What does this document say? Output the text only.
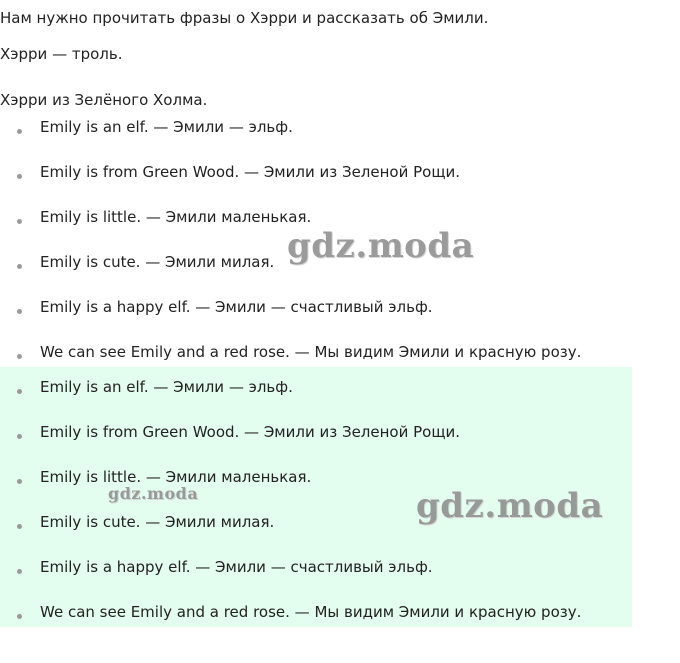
Нам нужно прочитать фразы о Хэрри и рассказать об Эмили.

Хэрри — троль.

Хэрри из Зелёного Холма.

Emily is an elf. — Эмили — эльф.
Emily is from Green Wood. — Эмили из Зеленой Рощи.
Emily is little. — Эмили маленькая.
Emily is cute. — Эмили милая.
Emily is a happy elf. — Эмили — счастливый эльф.
We can see Emily and a red rose. — Мы видим Эмили и красную розу.
Emily is an elf. — Эмили — эльф.
Emily is from Green Wood. — Эмили из Зеленой Рощи.
Emily is little. — Эмили маленькая.
Emily is cute. — Эмили милая.
Emily is a happy elf. — Эмили — счастливый эльф.
We can see Emily and a red rose. — Мы видим Эмили и красную розу.
gdz.moda
gdz.moda	gdz.moda
